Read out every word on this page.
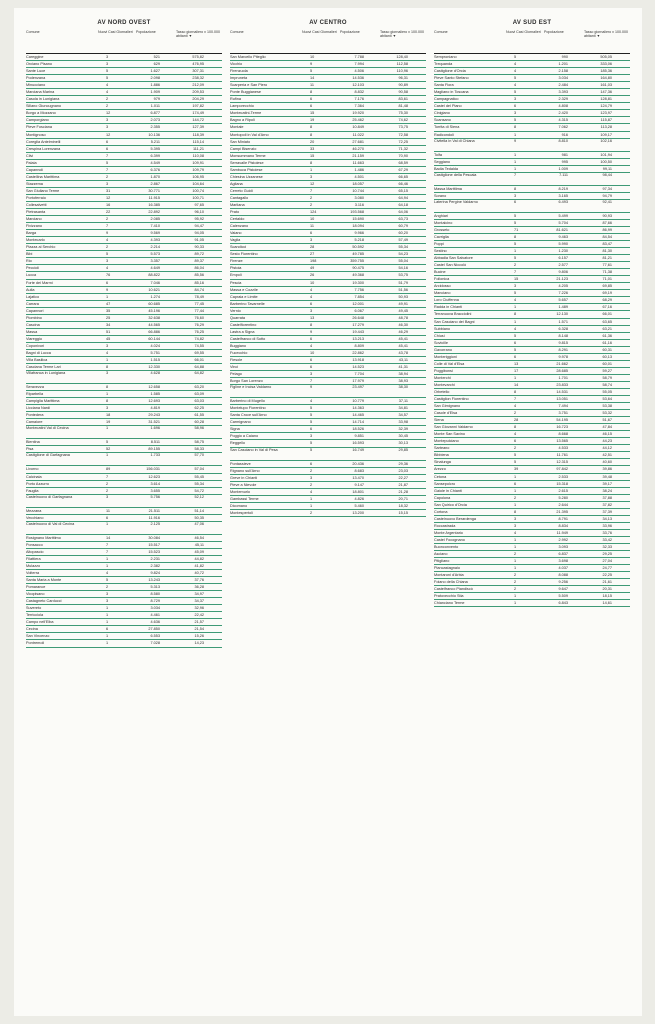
AV NORD OVEST
Comune	Nuovi Casi Giornalieri Popolazione	Tasso giornaliero x 100.000 abitanti ▼
Careggine	3	521	575,82
Orciano Pisano	3	629	476,95
Sante Luce	5	1.627	307,31
Podenzana	5	2.098	238,32
Minucciano	4	1.886	212,09
Marciana Marina	4	1.909	209,53
Casola in Lunigiana	2	979	204,29
Sillano Giuncugnano	2	1.011	197,82
Borgo a Mozzano	12	6.877	174,49
Camporgiano	3	2.073	144,72
Pieve Fosciana	3	2.355	127,39
Montignoso	12	10.136	118,39
Coreglia Antelminelli	6	5.211	115,14
Crespina Lorenzana	6	5.395	111,21
Cilvi	7	6.399	110,08
Palaia	5	4.549	109,91
Capannoli	7	6.376	109,79
Castellina Marittima	2	1.870	106,95
Stazzema	3	2.867	104,64
San Giuliano Terme	31	30.771	100,74
Portoferraio	12	11.915	100,71
Collesalvetti	16	16.385	97,65
Pietrasanta	22	22.892	96,10
Marciano	2	2.085	95,92
Fivizzano	7	7.410	94,47
Barga	9	9.569	94,05
Montecarlo	4	4.393	91,05
Piazza al Serchio	2	2.214	90,33
Bibi	5	5.573	89,72
Rio	3	3.357	89,37
Peccioli	4	4.649	86,04
Lucca	76	88.822	85,56
Forte dei Marmi	6	7.046	85,16
Aulla	9	10.621	84,74
Lajatico	1	1.274	78,49
Carrara	47	60.685	77,45
Capannori	35	45.196	77,44
Piombino	25	32.638	76,60
Cascina	34	44.565	76,29
Massa	51	66.886	76,25
Viareggio	45	60.144	74,82
Coponivori	3	4.024	74,55
Bagni di Lucca	4	5.751	69,55
Villa Basilica	1	1.515	66,01
Casciana Terme Lari	8	12.330	64,88
Villafranca in Lunigiana	3	4.628	64,82
Seravezza	8	12.658	63,20
Riparbella	1	1.585	63,09
Campiglia Marittima	8	12.693	63,03
Licciana Nardi	3	4.819	62,25
Pontedera	18	29.243	61,55
Camaiore	19	31.521	60,28
Montecatini Val di Cecina	1	1.696	58,96
Bientina	5	8.511	58,75
Pisa	52	89.155	58,33
Castiglione di Garfagnana	1	1.733	57,70
Livorno	89	156.031	57,04
Calcinaia	7	12.623	55,45
Porto Azzurro	2	3.614	55,34
Fauglia	2	3.655	54,72
Castelnuovo di Garfagnana	3	5.756	52,12
Mezzana	11	21.511	51,14
Vecchiano	6	11.916	50,35
Castelnuovo di Val di Cecina	1	2.125	47,06
Rosignano Marittimo	14	30.084	46,54
Ponsacco	7	15.517	45,11
Altopascio	7	15.523	45,09
Filattiera	1	2.231	44,82
Mulazzo	1	2.382	41,82
Volterra	4	9.824	40,72
Santa Maria a Monte	5	13.243	37,76
Pomarance	2	5.313	36,28
Vicopisano	3	8.580	34,97
Castagneto Carducci	3	8.729	34,37
Suvereto	1	3.034	32,96
Terricciola	1	4.461	22,42
Campo nell'Elba	1	4.636	21,57
Cecina	6	27.850	21,54
San Vincenzo	1	6.553	15,26
Pontremoli	1	7.028	14,23
AV CENTRO
Comune	Nuovi Casi Giornalieri Popolazione	Tasso giornaliero x 100.000 abitanti ▼
San Marcello Piteglio	10	7.788	128,40
Vicchio	9	7.994	112,58
Firenzuola	5	4.506	110,96
Impruneta	14	14.536	96,31
Scarperia e San Piero	11	12.103	90,89
Ponte Buggianese	8	8.832	90,58
Rufina	6	7.176	83,61
Lamporecchio	6	7.364	81,48
Montecatini-Terme	15	19.920	75,30
Bagno a Ripoli	19	25.462	74,62
Montale	8	10.849	73,75
Montopoli in Val d'Arno	8	11.022	72,58
San Miniato	20	27.681	72,25
Campi Bisenzio	33	46.270	71,32
Monsummano Terme	15	21.159	70,90
Serravalle Pistoiese	8	11.663	68,59
Sambuca Pistoiese	1	1.486	67,29
Chiesina Uzzanese	3	4.501	66,65
Agliana	12	18.057	66,46
Cerreto Guidi	7	10.744	65,15
Cantagallo	2	3.080	64,94
Marliana	2	3.116	64,18
Prato	124	193.568	64,06
Certaldo	10	15.690	63,73
Calenzano	11	18.094	60,79
Vaiano	6	9.966	60,20
Vaglia	3	5.218	57,49
Scandicci	28	50.592	55,34
Sesto Fiorentino	27	49.785	54,23
Firenze	198	359.755	55,04
Pistoia	49	90.475	54,16
Empoli	26	49.368	53,75
Pescia	10	19.300	51,79
Massa e Cozzile	4	7.756	51,56
Capraia e Limite	4	7.854	50,93
Barberino Tavarnelle	6	12.001	49,91
Vernio	3	6.067	49,45
Quarrata	13	26.648	48,78
Castelfiorentino	8	17.279	46,30
Lastra a Signa	9	19.443	46,29
Castelfranco di Sotto	6	13.213	45,41
Buggiano	4	8.809	45,41
Fucecchio	10	22.862	43,78
Fiesole	6	13.918	43,11
Vinci	6	14.523	41,31
Pelago	3	7.704	38,94
Borgo San Lorenzo	7	17.979	38,93
Figline e Incisa Valdarno	9	23.497	38,30
Barberino di Mugello	4	10.779	37,11
Montelupo Fiorentino	5	14.363	34,81
Santa Croce sull'Arno	5	14.465	34,57
Carmignano	5	14.714	33,98
Signa	6	18.526	32,39
Poggio a Caiano	3	9.851	30,45
Reggello	5	16.593	30,13
San Casciano in Val di Pesa	5	16.749	29,85
Pontassieve	6	20.436	29,36
Rignano sull'Arno	2	8.683	23,03
Greve in Chianti	3	13.470	22,27
Pieve a Nievole	2	9.147	21,87
Montemurlo	4	18.801	21,28
Gambassi Terme	1	4.826	20,71
Dicomano	1	5.460	18,32
Montespertoli	2	13.200	15,15
AV SUD EST
Comune	Nuovi Casi Giornalieri Popolazione	Tasso giornaliero x 100.000 abitanti ▼
Semproniano	5	990	505,05
Trequanda	4	1.201	333,06
Castiglione d'Orcia	4	2.158	185,36
Pieve Santo Stefano	5	3.034	164,80
Santa Fiora	4	2.484	161,03
Magliano in Toscana	5	3.393	147,36
Campagnatico	3	2.329	128,81
Castel del Piano	6	4.808	124,79
Cinigiano	3	2.420	123,97
Scansano	5	4.315	115,87
Torrita di Siena	8	7.062	113,28
Radicondoli	1	916	109,17
Civitella in Val di Chiana	9	8.810	102,16
Tolfa	1	981	101,94
Seggiano	1	995	100,50
Badia Tedalda	1	1.009	99,11
Castiglione della Pescaia	7	7.111	98,44
Massa Marittima	8	8.219	97,34
Sorano	3	3.165	94,79
Laterina Pergine Valdarno	6	6.493	92,41
Anghiari	5	5.499	90,93
Montalcino	5	5.704	87,66
Grosseto	71	81.621	86,99
Cavriglia	8	9.463	84,54
Poppi	5	5.990	83,47
Sestino	1	1.230	81,30
Abbadia San Salvatore	5	6.157	81,21
Castel San Niccolò	2	2.577	77,61
Bucine	7	9.806	71,38
Follonica	15	21.123	71,01
Arcidosso	3	4.205	69,85
Manciano	5	7.226	69,19
Loro Ciuffenna	4	5.657	68,29
Radda in Chianti	1	1.489	67,16
Terranuova Bracciolini	8	12.130	66,01
San Casciano dei Bagni	1	1.571	63,65
Subbiano	4	6.328	63,21
Chiusi	5	8.148	61,36
Sovicille	6	9.815	61,16
Gavorrano	5	8.291	60,31
Monteriggioni	6	9.978	60,13
Colle di Val d'Elsa	13	21.662	60,01
Poggibonsi	17	28.685	59,27
Monterchi	1	1.701	58,79
Montevarchi	14	23.833	58,74
Orbetello	8	14.531	55,05
Castiglion Fiorentino	7	13.051	53,64
San Gimignano	4	7.494	53,38
Casole d'Elsa	2	3.751	53,32
Siena	28	54.195	51,67
San Giovanni Valdarno	8	16.723	47,84
Monte San Savino	4	8.668	46,15
Montepulciano	6	13.565	44,23
Sarteano	2	4.533	44,12
Bibbiena	5	11.761	42,51
Sinalunga	5	12.315	40,60
Arezzo	39	97.842	39,86
Cetona	1	2.533	39,48
Sansepolcro	6	15.318	39,17
Gaiole in Chianti	1	2.615	38,24
Capolona	2	5.280	37,88
San Quirico d'Orcia	1	2.644	37,82
Cortona	8	21.395	37,39
Castelnuovo Berardenga	3	8.791	34,13
Roccastrada	3	8.834	33,96
Monte Argentario	4	11.949	33,76
Castel Focognano	1	2.992	33,42
Buonconvento	1	3.093	32,33
Asciano	2	6.837	29,25
Pitigliano	1	3.698	27,04
Piancastagnaio	1	4.037	24,77
Montaroni d'Arbia	2	8.088	22,25
Foiano della Chiana	2	9.256	21,61
Castelfranco Piandiscò	2	9.647	20,31
Pratovecchio Stia	1	5.509	18,15
Chianciano Terme	1	6.843	14,61
